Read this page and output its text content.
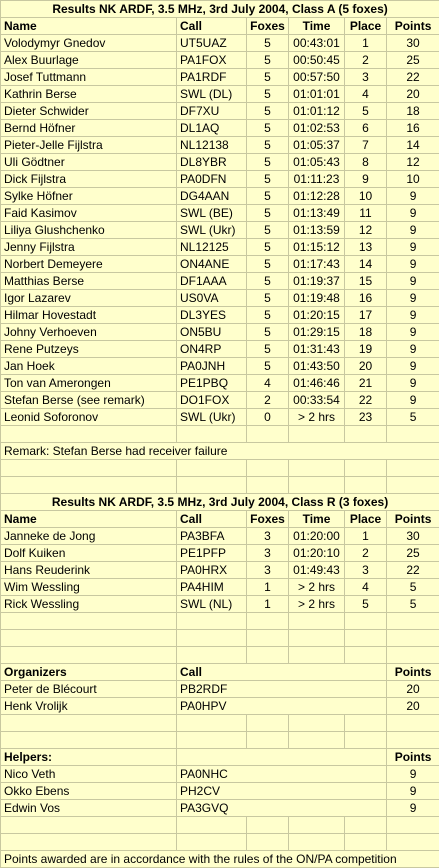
Results NK ARDF, 3.5 MHz, 3rd July 2004, Class A (5 foxes)					
Name	Call	Foxes	Time	Place	Points
Volodymyr Gnedov	UT5UAZ	5	00:43:01	1	30
Alex Buurlage	PA1FOX	5	00:50:45	2	25
Josef Tuttmann	PA1RDF	5	00:57:50	3	22
Kathrin Berse	SWL (DL)	5	01:01:01	4	20
Dieter Schwider	DF7XU	5	01:01:12	5	18
Bernd Höfner	DL1AQ	5	01:02:53	6	16
Pieter-Jelle Fijlstra	NL12138	5	01:05:37	7	14
Uli Gödtner	DL8YBR	5	01:05:43	8	12
Dick Fijlstra	PA0DFN	5	01:11:23	9	10
Sylke Höfner	DG4AAN	5	01:12:28	10	9
Faid Kasimov	SWL (BE)	5	01:13:49	11	9
Liliya Glushchenko	SWL (Ukr)	5	01:13:59	12	9
Jenny Fijlstra	NL12125	5	01:15:12	13	9
Norbert Demeyere	ON4ANE	5	01:17:43	14	9
Matthias Berse	DF1AAA	5	01:19:37	15	9
Igor Lazarev	US0VA	5	01:19:48	16	9
Hilmar Hovestadt	DL3YES	5	01:20:15	17	9
Johny Verhoeven	ON5BU	5	01:29:15	18	9
Rene Putzeys	ON4RP	5	01:31:43	19	9
Jan Hoek	PA0JNH	5	01:43:50	20	9
Ton van Amerongen	PE1PBQ	4	01:46:46	21	9
Stefan Berse (see remark)	DO1FOX	2	00:33:54	22	9
Leonid Soforonov	SWL (Ukr)	0	> 2 hrs	23	5

Remark: Stefan Berse had receiver failure					

Results NK ARDF, 3.5 MHz, 3rd July 2004, Class R (3 foxes)					
Name	Call	Foxes	Time	Place	Points
Janneke de Jong	PA3BFA	3	01:20:00	1	30
Dolf Kuiken	PE1PFP	3	01:20:10	2	25
Hans Reuderink	PA0HRX	3	01:49:43	3	22
Wim Wessling	PA4HIM	1	> 2 hrs	4	5
Rick Wessling	SWL (NL)	1	> 2 hrs	5	5

Organizers	Call				Points
Peter de Blécourt	PB2RDF				20
Henk Vrolijk	PA0HPV				20

Helpers:					Points
Nico Veth	PA0NHC				9
Okko Ebens	PH2CV				9
Edwin Vos	PA3GVQ				9

Points awarded are in accordance with the rules of the ON/PA competition					
